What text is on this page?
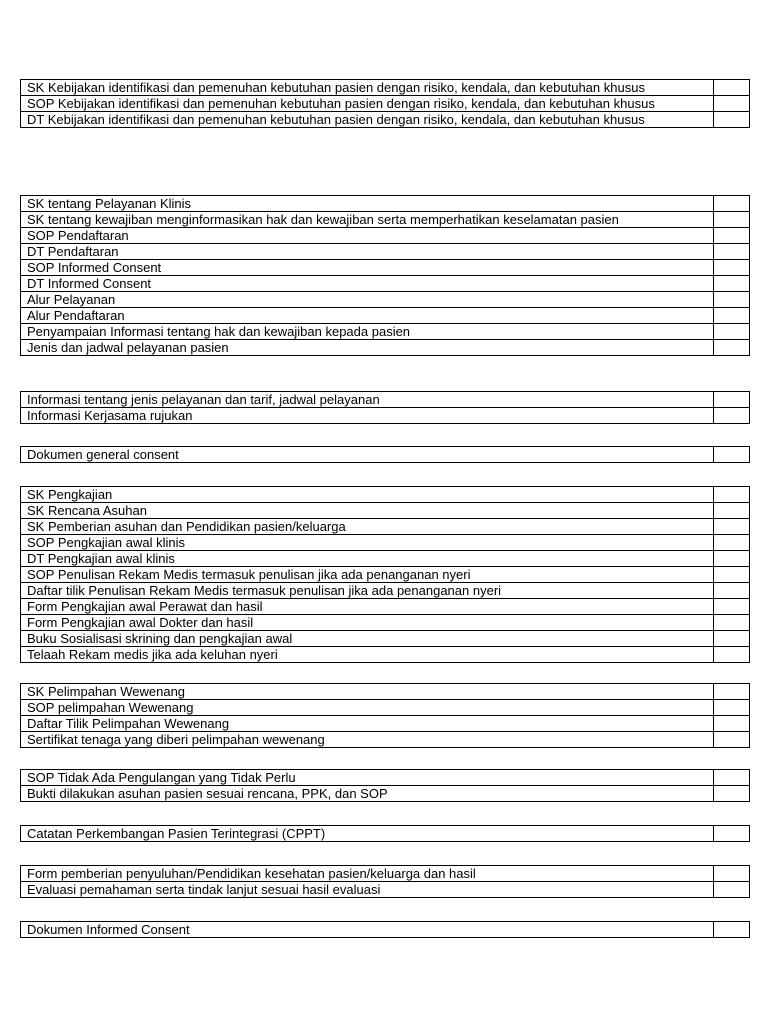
SK Kebijakan identifikasi dan pemenuhan kebutuhan pasien dengan risiko, kendala, dan kebutuhan khusus	
SOP Kebijakan identifikasi dan pemenuhan kebutuhan pasien dengan risiko, kendala, dan kebutuhan khusus	
DT Kebijakan identifikasi dan pemenuhan kebutuhan pasien dengan risiko, kendala, dan kebutuhan khusus	
SK tentang Pelayanan Klinis	
SK tentang kewajiban menginformasikan hak dan kewajiban serta memperhatikan keselamatan pasien	
SOP Pendaftaran	
DT Pendaftaran	
SOP Informed Consent	
DT Informed Consent	
Alur Pelayanan	
Alur Pendaftaran	
Penyampaian Informasi tentang hak dan kewajiban kepada pasien	
Jenis dan jadwal pelayanan pasien	
Informasi tentang jenis pelayanan dan tarif, jadwal pelayanan	
Informasi Kerjasama rujukan	
Dokumen general consent	
SK Pengkajian	
SK Rencana Asuhan	
SK Pemberian asuhan dan Pendidikan pasien/keluarga	
SOP Pengkajian awal klinis	
DT Pengkajian awal klinis	
SOP Penulisan Rekam Medis termasuk penulisan jika ada penanganan nyeri	
Daftar tilik Penulisan Rekam Medis termasuk penulisan jika ada penanganan nyeri	
Form Pengkajian awal Perawat dan hasil	
Form Pengkajian awal Dokter dan hasil	
Buku Sosialisasi skrining dan pengkajian awal	
Telaah Rekam medis jika ada keluhan nyeri	
SK Pelimpahan Wewenang	
SOP pelimpahan Wewenang	
Daftar Tilik Pelimpahan Wewenang	
Sertifikat tenaga yang diberi pelimpahan wewenang	
SOP Tidak Ada Pengulangan yang Tidak Perlu	
Bukti dilakukan asuhan pasien sesuai rencana, PPK, dan SOP	
Catatan Perkembangan Pasien Terintegrasi (CPPT)	
Form pemberian penyuluhan/Pendidikan kesehatan pasien/keluarga dan hasil	
Evaluasi pemahaman serta tindak lanjut sesuai hasil evaluasi	
Dokumen Informed Consent	
